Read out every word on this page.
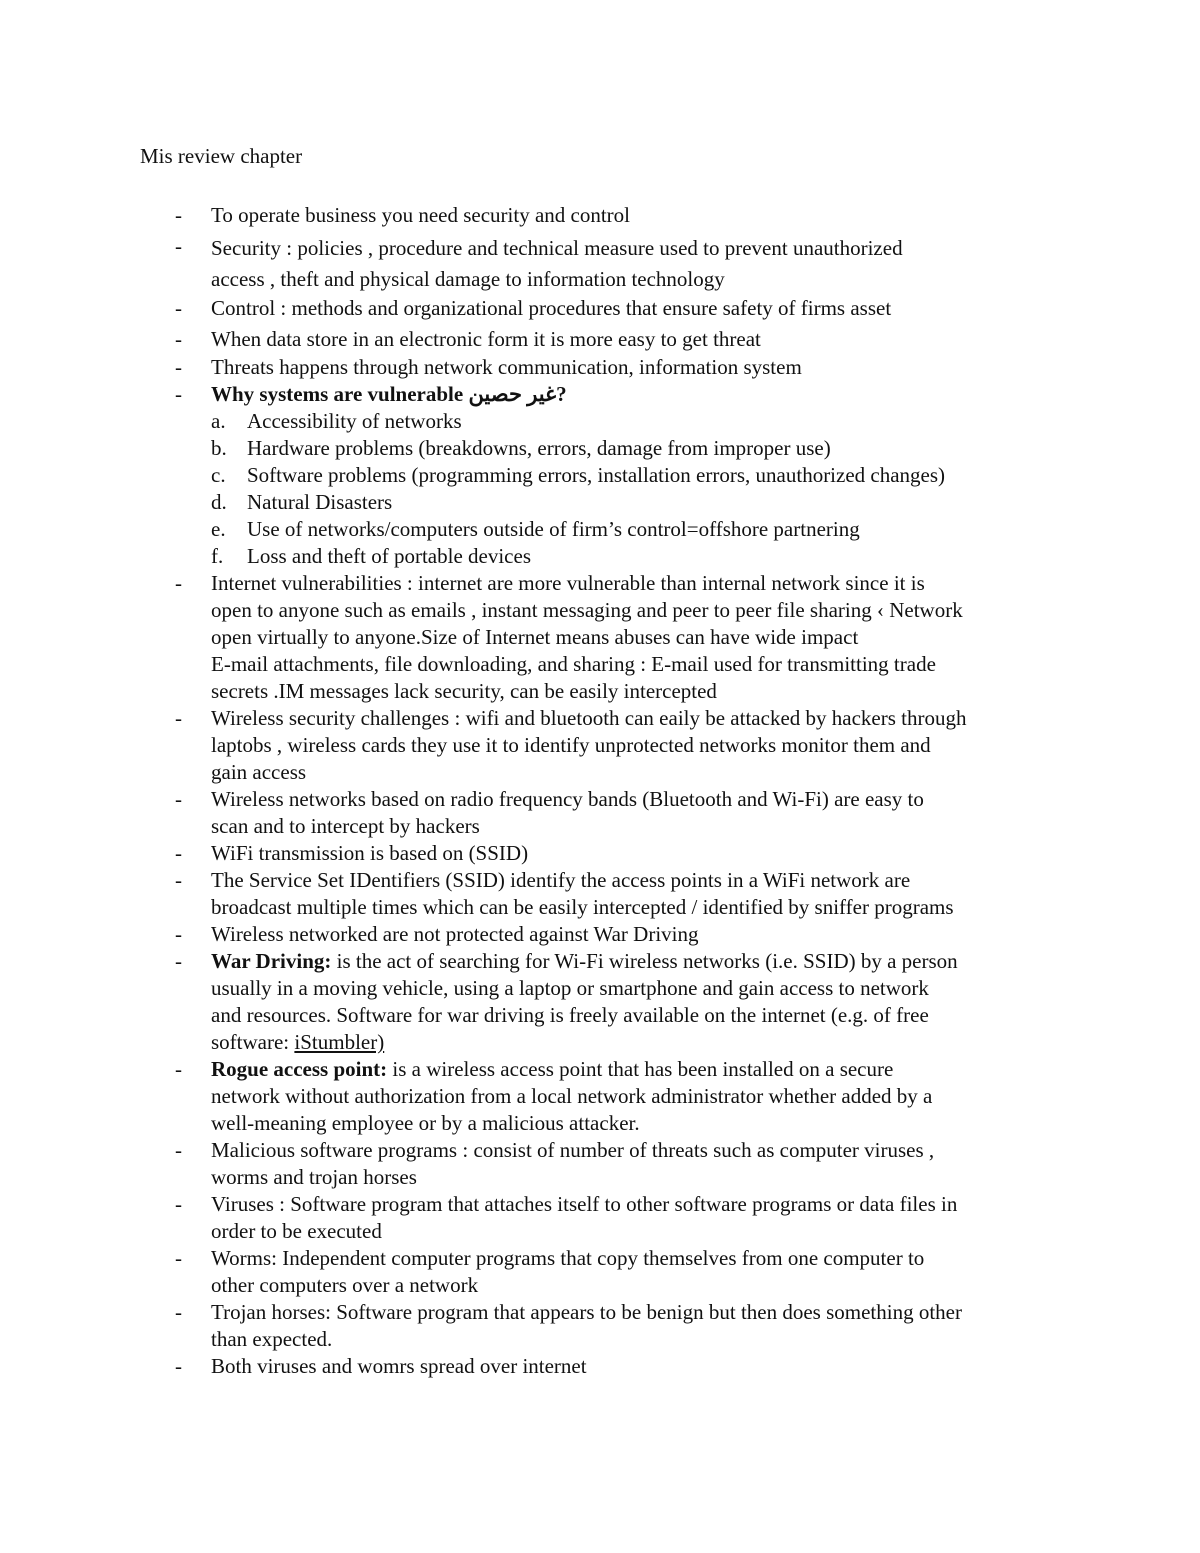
Mis review chapter
-	To operate business you need security and control
-	Security : policies , procedure and technical measure used to prevent unauthorized
access , theft and physical damage to information technology
-	Control : methods and organizational procedures that ensure safety of firms asset
-	When data store in an electronic form it is more easy to get threat
-	Threats happens through network communication, information system
-	Why systems are vulnerable غير حصين?
a.	Accessibility of networks
b. Hardware problems (breakdowns, errors, damage from improper use)
c.	Software problems (programming errors, installation errors, unauthorized changes)
d. Natural Disasters
e.	Use of networks/computers outside of firm’s control=offshore partnering
f.	Loss and theft of portable devices
-	Internet vulnerabilities : internet are more vulnerable than internal network since it is
open to anyone such as emails , instant messaging and peer to peer file sharing ‹ Network
open virtually to anyone.Size of Internet means abuses can have wide impact
E-mail attachments, file downloading, and sharing : E-mail used for transmitting trade
secrets .IM messages lack security, can be easily intercepted
-	Wireless security challenges : wifi and bluetooth can eaily be attacked by hackers through
laptobs , wireless cards they use it to identify unprotected networks monitor them and
gain access
-	Wireless networks based on radio frequency bands (Bluetooth and Wi-Fi) are easy to
scan and to intercept by hackers
-	WiFi transmission is based on (SSID)
-	The Service Set IDentifiers (SSID) identify the access points in a WiFi network are
broadcast multiple times which can be easily intercepted / identified by sniffer programs
-	Wireless networked are not protected against War Driving
-	War Driving: is the act of searching for Wi-Fi wireless networks (i.e. SSID) by a person
usually in a moving vehicle, using a laptop or smartphone and gain access to network
and resources. Software for war driving is freely available on the internet (e.g. of free
software: iStumbler)
-	Rogue access point: is a wireless access point that has been installed on a secure
network without authorization from a local network administrator whether added by a
well-meaning employee or by a malicious attacker.
-	Malicious software programs : consist of number of threats such as computer viruses ,
worms and trojan horses
-	Viruses : Software program that attaches itself to other software programs or data files in
order to be executed
-	Worms: Independent computer programs that copy themselves from one computer to
other computers over a network
-	Trojan horses: Software program that appears to be benign but then does something other
than expected.
-	Both viruses and womrs spread over internet
